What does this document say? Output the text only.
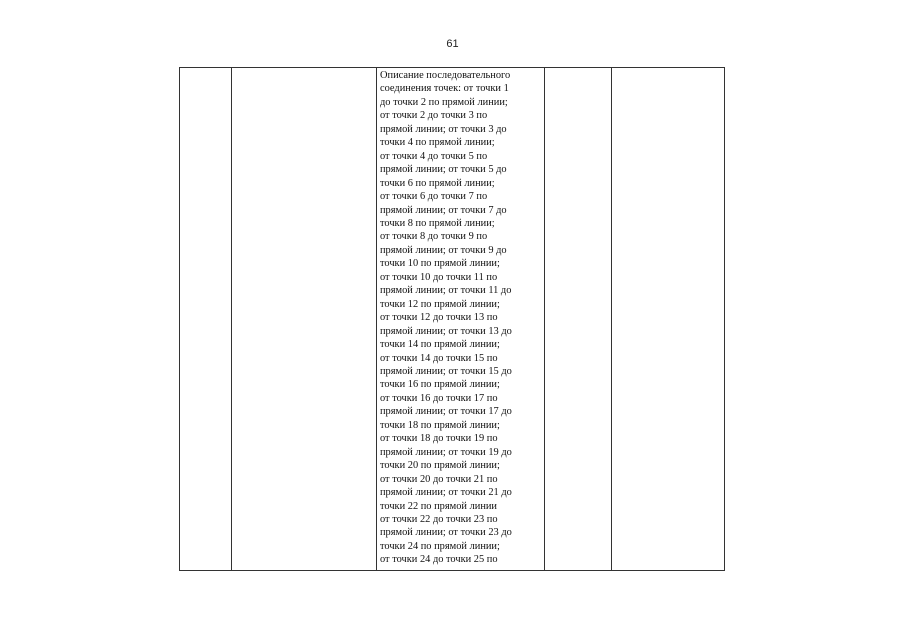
61

Описание последовательного
соединения точек: от точки 1
до точки 2 по прямой линии;
от точки 2 до точки 3 по
прямой линии; от точки 3 до
точки 4 по прямой линии;
от точки 4 до точки 5 по
прямой линии; от точки 5 до
точки 6 по прямой линии;
от точки 6 до точки 7 по
прямой линии; от точки 7 до
точки 8 по прямой линии;
от точки 8 до точки 9 по
прямой линии; от точки 9 до
точки 10 по прямой линии;
от точки 10 до точки 11 по
прямой линии; от точки 11 до
точки 12 по прямой линии;
от точки 12 до точки 13 по
прямой линии; от точки 13 до
точки 14 по прямой линии;
от точки 14 до точки 15 по
прямой линии; от точки 15 до
точки 16 по прямой линии;
от точки 16 до точки 17 по
прямой линии; от точки 17 до
точки 18 по прямой линии;
от точки 18 до точки 19 по
прямой линии; от точки 19 до
точки 20 по прямой линии;
от точки 20 до точки 21 по
прямой линии; от точки 21 до
точки 22 по прямой линии
от точки 22 до точки 23 по
прямой линии; от точки 23 до
точки 24 по прямой линии;
от точки 24 до точки 25 по
